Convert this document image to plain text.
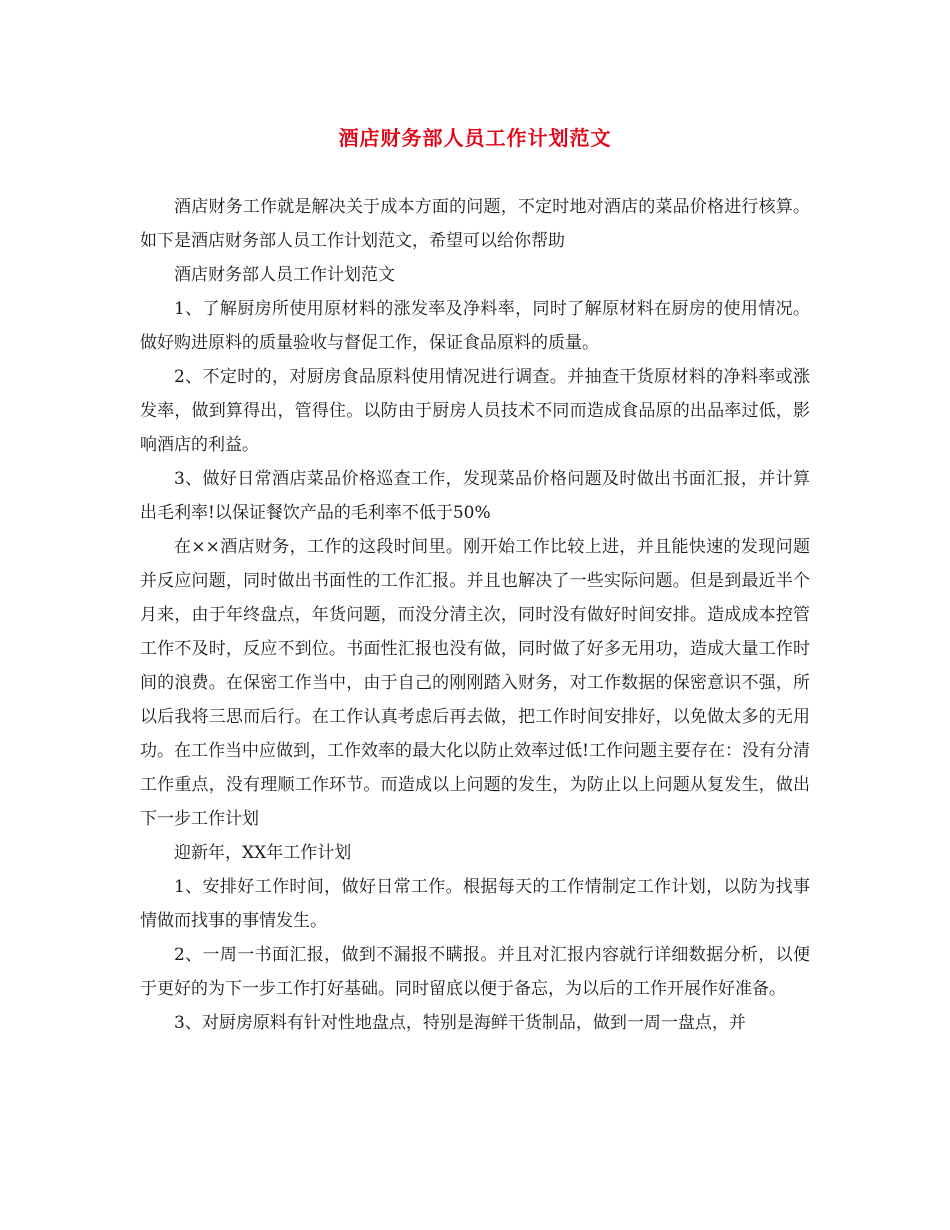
酒店财务部人员工作计划范文

酒店财务工作就是解决关于成本方面的问题，不定时地对酒店的菜品价格进行核算。如下是酒店财务部人员工作计划范文，希望可以给你帮助

酒店财务部人员工作计划范文

1、了解厨房所使用原材料的涨发率及净料率，同时了解原材料在厨房的使用情况。做好购进原料的质量验收与督促工作，保证食品原料的质量。

2、不定时的，对厨房食品原料使用情况进行调查。并抽查干货原材料的净料率或涨发率，做到算得出，管得住。以防由于厨房人员技术不同而造成食品原的出品率过低，影响酒店的利益。

3、做好日常酒店菜品价格巡查工作，发现菜品价格问题及时做出书面汇报，并计算出毛利率!以保证餐饮产品的毛利率不低于50%

在××酒店财务，工作的这段时间里。刚开始工作比较上进，并且能快速的发现问题并反应问题，同时做出书面性的工作汇报。并且也解决了一些实际问题。但是到最近半个月来，由于年终盘点，年货问题，而没分清主次，同时没有做好时间安排。造成成本控管工作不及时，反应不到位。书面性汇报也没有做，同时做了好多无用功，造成大量工作时间的浪费。在保密工作当中，由于自己的刚刚踏入财务，对工作数据的保密意识不强，所以后我将三思而后行。在工作认真考虑后再去做，把工作时间安排好，以免做太多的无用功。在工作当中应做到，工作效率的最大化以防止效率过低!工作问题主要存在：没有分清工作重点，没有理顺工作环节。而造成以上问题的发生，为防止以上问题从复发生，做出下一步工作计划

迎新年，XX年工作计划

1、安排好工作时间，做好日常工作。根据每天的工作情制定工作计划，以防为找事情做而找事的事情发生。

2、一周一书面汇报，做到不漏报不瞒报。并且对汇报内容就行详细数据分析，以便于更好的为下一步工作打好基础。同时留底以便于备忘，为以后的工作开展作好准备。

3、对厨房原料有针对性地盘点，特别是海鲜干货制品，做到一周一盘点，并
